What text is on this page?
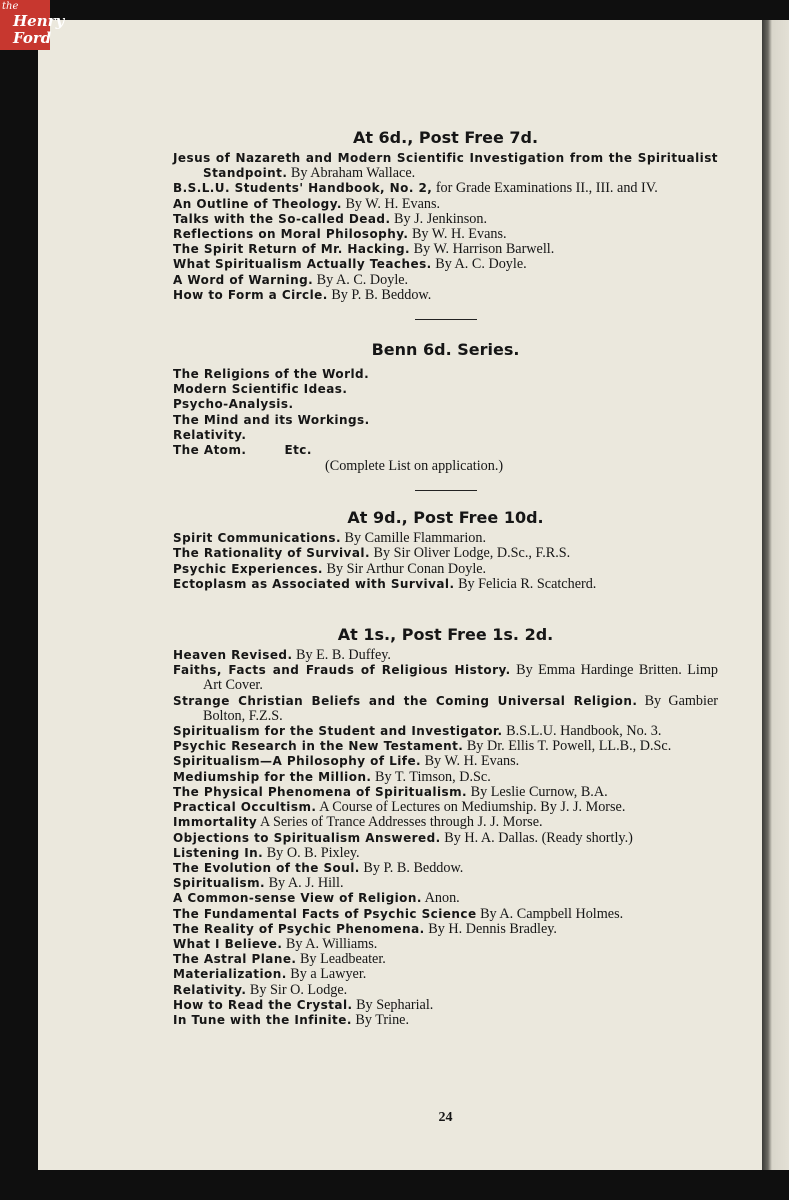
At 6d., Post Free 7d.

Jesus of Nazareth and Modern Scientific Investigation from the Spiritualist Standpoint. By Abraham Wallace.

B.S.L.U. Students' Handbook, No. 2, for Grade Examinations II., III. and IV.

An Outline of Theology. By W. H. Evans.

Talks with the So-called Dead. By J. Jenkinson.

Reflections on Moral Philosophy. By W. H. Evans.

The Spirit Return of Mr. Hacking. By W. Harrison Barwell.

What Spiritualism Actually Teaches. By A. C. Doyle.

A Word of Warning. By A. C. Doyle.

How to Form a Circle. By P. B. Beddow.

Benn 6d. Series.

The Religions of the World.

Modern Scientific Ideas.

Psycho-Analysis.

The Mind and its Workings.

Relativity.

The Atom.	Etc.

(Complete List on application.)
At 9d., Post Free 10d.

Spirit Communications. By Camille Flammarion.

The Rationality of Survival. By Sir Oliver Lodge, D.Sc., F.R.S.

Psychic Experiences. By Sir Arthur Conan Doyle.

Ectoplasm as Associated with Survival. By Felicia R. Scatcherd.

At 1s., Post Free 1s. 2d.

Heaven Revised. By E. B. Duffey.

Faiths, Facts and Frauds of Religious History. By Emma Hardinge Britten. Limp Art Cover.

Strange Christian Beliefs and the Coming Universal Religion. By Gambier Bolton, F.Z.S.

Spiritualism for the Student and Investigator. B.S.L.U. Handbook, No. 3.

Psychic Research in the New Testament. By Dr. Ellis T. Powell, LL.B., D.Sc.

Spiritualism—A Philosophy of Life. By W. H. Evans.

Mediumship for the Million. By T. Timson, D.Sc.

The Physical Phenomena of Spiritualism. By Leslie Curnow, B.A.

Practical Occultism. A Course of Lectures on Mediumship. By J. J. Morse.

Immortality A Series of Trance Addresses through J. J. Morse.

Objections to Spiritualism Answered. By H. A. Dallas. (Ready shortly.)

Listening In. By O. B. Pixley.

The Evolution of the Soul. By P. B. Beddow.

Spiritualism. By A. J. Hill.

A Common-sense View of Religion. Anon.

The Fundamental Facts of Psychic Science By A. Campbell Holmes.

The Reality of Psychic Phenomena. By H. Dennis Bradley.

What I Believe. By A. Williams.

The Astral Plane. By Leadbeater.

Materialization. By a Lawyer.

Relativity. By Sir O. Lodge.

How to Read the Crystal. By Sepharial.

In Tune with the Infinite. By Trine.

24
the
Henry
Ford
